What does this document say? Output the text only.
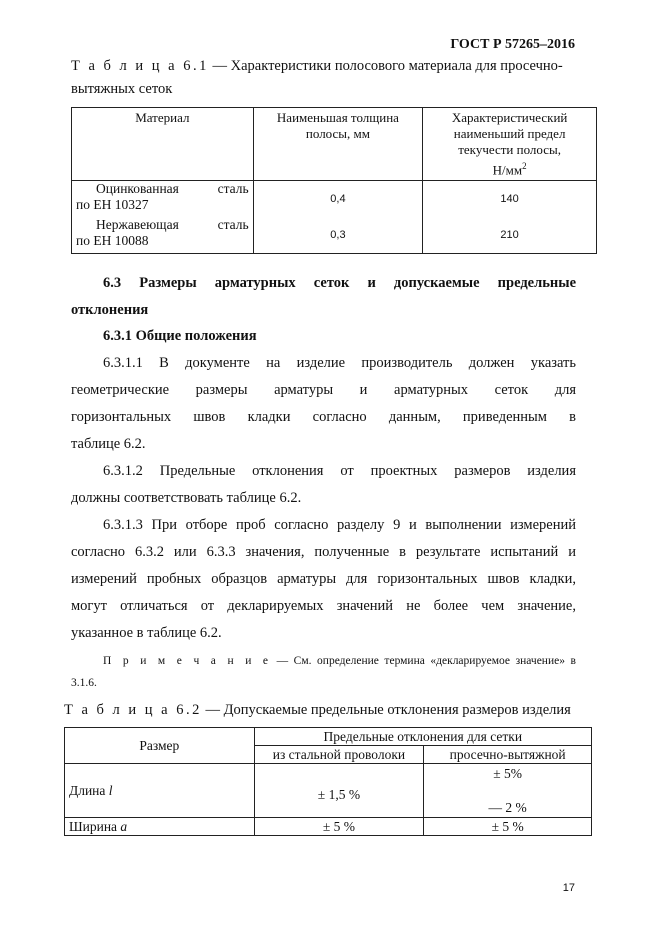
ГОСТ Р 57265–2016
Т а б л и ц а 6.1 — Характеристики полосового материала для просечно-
вытяжных сеток
Материал	Наименьшая толщина полосы, мм	Характеристический наименьший предел текучести полосы,
$Н/мм^2$

Оцинкованная сталь
по ЕН 10327	0,4	140

Нержавеющая сталь
по ЕН 10088	0,3	210
6.3 Размеры арматурных сеток и допускаемые предельные
отклонения
6.3.1 Общие положения
6.3.1.1 В документе на изделие производитель должен указать
геометрические размеры арматуры и арматурных сеток для
горизонтальных швов кладки согласно данным, приведенным в
таблице 6.2.
6.3.1.2 Предельные отклонения от проектных размеров изделия
должны соответствовать таблице 6.2.
6.3.1.3 При отборе проб согласно разделу 9 и выполнении измерений
согласно 6.3.2 или 6.3.3 значения, полученные в результате испытаний и
измерений пробных образцов арматуры для горизонтальных швов кладки,
могут отличаться от декларируемых значений не более чем значение,
указанное в таблице 6.2.
П р и м е ч а н и е — См. определение термина «декларируемое значение» в
3.1.6.
Т а б л и ц а 6.2 — Допускаемые предельные отклонения размеров изделия
Размер	Предельные отклонения для сетки	
	из стальной проволоки	просечно-вытяжной
Длина l	± 1,5 %	± 5%
— 2 %

Ширина a	± 5 %	± 5 %
17
